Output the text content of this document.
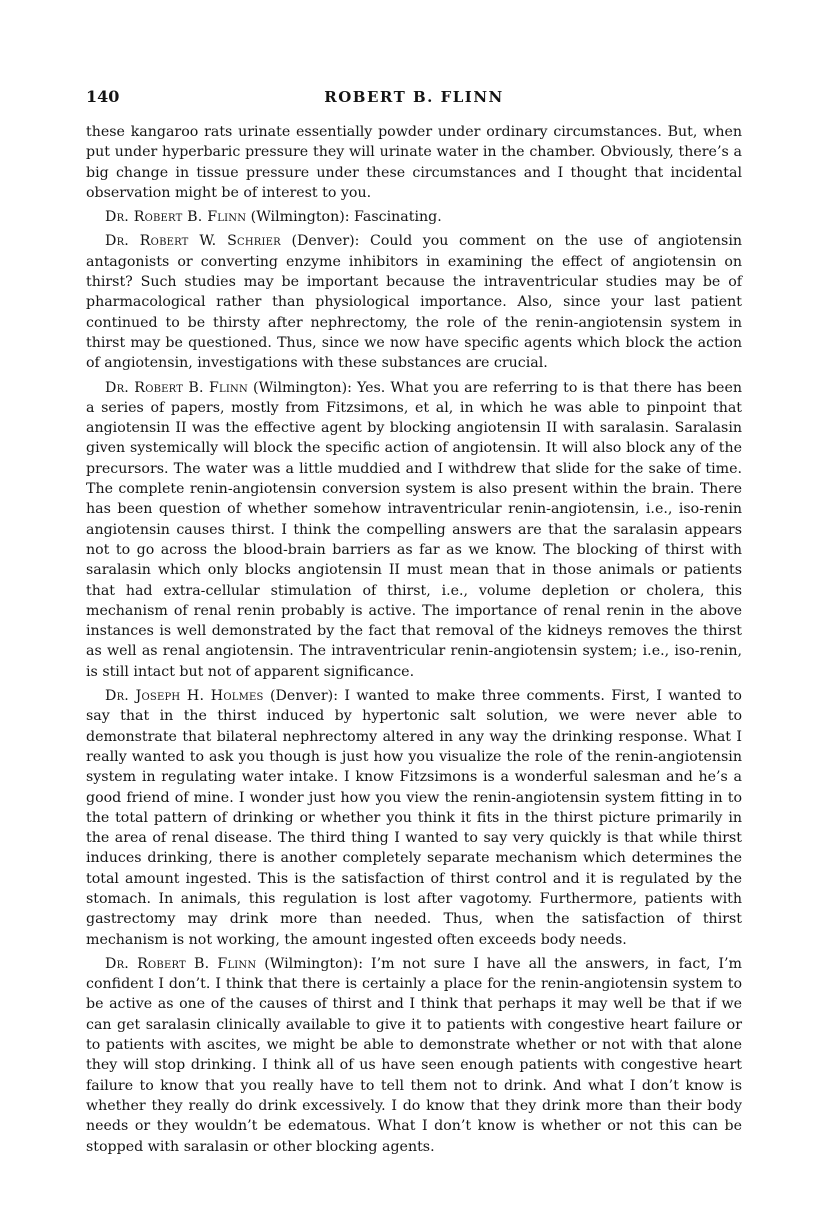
140	ROBERT B. FLINN

these kangaroo rats urinate essentially powder under ordinary circumstances. But, when put under hyperbaric pressure they will urinate water in the chamber. Obviously, there’s a big change in tissue pressure under these circumstances and I thought that incidental observation might be of interest to you.

Dr. Robert B. Flinn (Wilmington): Fascinating.

Dr. Robert W. Schrier (Denver): Could you comment on the use of angiotensin antagonists or converting enzyme inhibitors in examining the effect of angiotensin on thirst? Such studies may be important because the intraventricular studies may be of pharmacological rather than physiological importance. Also, since your last patient continued to be thirsty after nephrectomy, the role of the renin-angiotensin system in thirst may be questioned. Thus, since we now have specific agents which block the action of angiotensin, investigations with these substances are crucial.

Dr. Robert B. Flinn (Wilmington): Yes. What you are referring to is that there has been a series of papers, mostly from Fitzsimons, et al, in which he was able to pinpoint that angiotensin II was the effective agent by blocking angiotensin II with saralasin. Saralasin given systemically will block the specific action of angiotensin. It will also block any of the precursors. The water was a little muddied and I withdrew that slide for the sake of time. The complete renin-angiotensin conversion system is also present within the brain. There has been question of whether somehow intraventricular renin-angiotensin, i.e., iso-renin angiotensin causes thirst. I think the compelling answers are that the saralasin appears not to go across the blood-brain barriers as far as we know. The blocking of thirst with saralasin which only blocks angiotensin II must mean that in those animals or patients that had extra-cellular stimulation of thirst, i.e., volume depletion or cholera, this mechanism of renal renin probably is active. The importance of renal renin in the above instances is well demonstrated by the fact that removal of the kidneys removes the thirst as well as renal angiotensin. The intraventricular renin-angiotensin system; i.e., iso-renin, is still intact but not of apparent significance.

Dr. Joseph H. Holmes (Denver): I wanted to make three comments. First, I wanted to say that in the thirst induced by hypertonic salt solution, we were never able to demonstrate that bilateral nephrectomy altered in any way the drinking response. What I really wanted to ask you though is just how you visualize the role of the renin-angiotensin system in regulating water intake. I know Fitzsimons is a wonderful salesman and he’s a good friend of mine. I wonder just how you view the renin-angiotensin system fitting in to the total pattern of drinking or whether you think it fits in the thirst picture primarily in the area of renal disease. The third thing I wanted to say very quickly is that while thirst induces drinking, there is another completely separate mechanism which determines the total amount ingested. This is the satisfaction of thirst control and it is regulated by the stomach. In animals, this regulation is lost after vagotomy. Furthermore, patients with gastrectomy may drink more than needed. Thus, when the satisfaction of thirst mechanism is not working, the amount ingested often exceeds body needs.

Dr. Robert B. Flinn (Wilmington): I’m not sure I have all the answers, in fact, I’m confident I don’t. I think that there is certainly a place for the renin-angiotensin system to be active as one of the causes of thirst and I think that perhaps it may well be that if we can get saralasin clinically available to give it to patients with congestive heart failure or to patients with ascites, we might be able to demonstrate whether or not with that alone they will stop drinking. I think all of us have seen enough patients with congestive heart failure to know that you really have to tell them not to drink. And what I don’t know is whether they really do drink excessively. I do know that they drink more than their body needs or they wouldn’t be edematous. What I don’t know is whether or not this can be stopped with saralasin or other blocking agents.
